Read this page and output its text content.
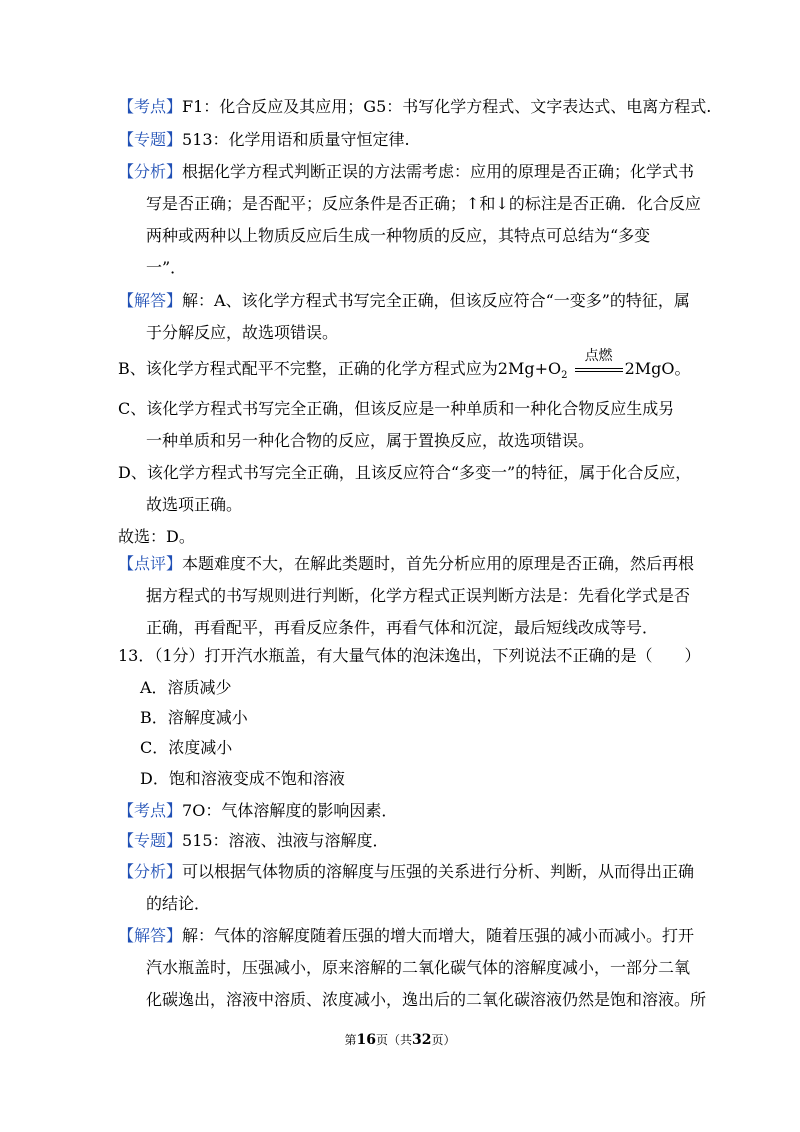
【考点】F1：化合反应及其应用；G5：书写化学方程式、文字表达式、电离方程式.
【专题】513：化学用语和质量守恒定律.
【分析】根据化学方程式判断正误的方法需考虑：应用的原理是否正确；化学式书
写是否正确；是否配平；反应条件是否正确；↑和↓的标注是否正确．化合反应
两种或两种以上物质反应后生成一种物质的反应，其特点可总结为“多变
一”．
【解答】解：A、该化学方程式书写完全正确，但该反应符合“一变多”的特征，属
于分解反应，故选项错误。
B、该化学方程式配平不完整，正确的化学方程式应为$2Mg+O_2$
点燃
2MgO。
C、该化学方程式书写完全正确，但该反应是一种单质和一种化合物反应生成另
一种单质和另一种化合物的反应，属于置换反应，故选项错误。
D、该化学方程式书写完全正确，且该反应符合“多变一”的特征，属于化合反应，
故选项正确。
故选：D。
【点评】本题难度不大，在解此类题时，首先分析应用的原理是否正确，然后再根
据方程式的书写规则进行判断，化学方程式正误判断方法是：先看化学式是否
正确，再看配平，再看反应条件，再看气体和沉淀，最后短线改成等号．
13．（1分）打开汽水瓶盖，有大量气体的泡沫逸出，下列说法不正确的是（　　）
A．溶质减少
B．溶解度减小
C．浓度减小
D．饱和溶液变成不饱和溶液
【考点】7O：气体溶解度的影响因素．
【专题】515：溶液、浊液与溶解度．
【分析】可以根据气体物质的溶解度与压强的关系进行分析、判断，从而得出正确
的结论．
【解答】解：气体的溶解度随着压强的增大而增大，随着压强的减小而减小。打开
汽水瓶盖时，压强减小，原来溶解的二氧化碳气体的溶解度减小，一部分二氧
化碳逸出，溶液中溶质、浓度减小，逸出后的二氧化碳溶液仍然是饱和溶液。所
第16页（共32页）
